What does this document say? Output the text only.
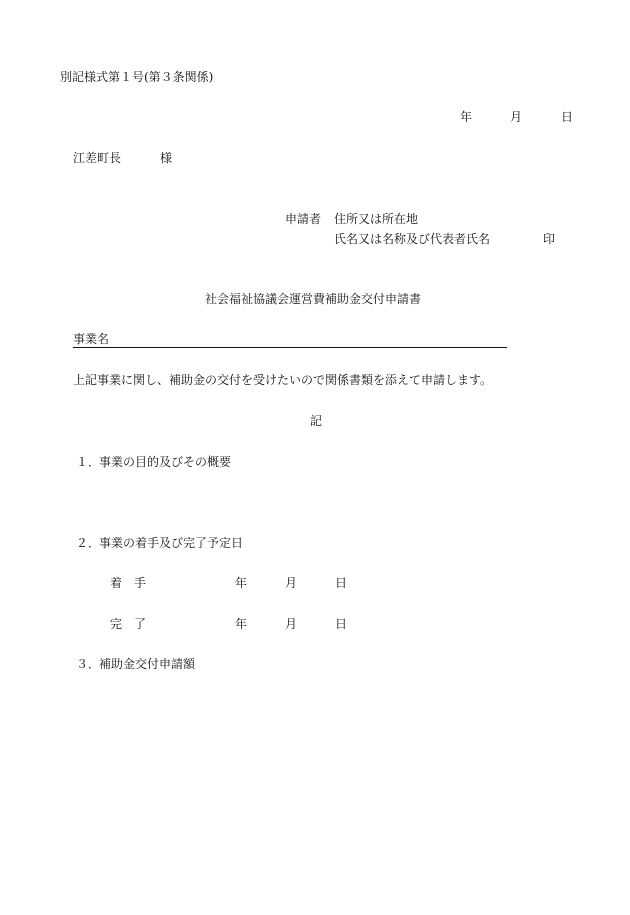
別記様式第１号(第３条関係)
年	月	日
江差町長	様
申請者 住所又は所在地
氏名又は名称及び代表者氏名	印
社会福祉協議会運営費補助金交付申請書
事業名
上記事業に関し、補助金の交付を受けたいので関係書類を添えて申請します。
記
１．
事業の目的及びその概要
２．
事業の着手及び完了予定日
着　手	年	月	日
完　了	年	月	日
３．
補助金交付申請額
